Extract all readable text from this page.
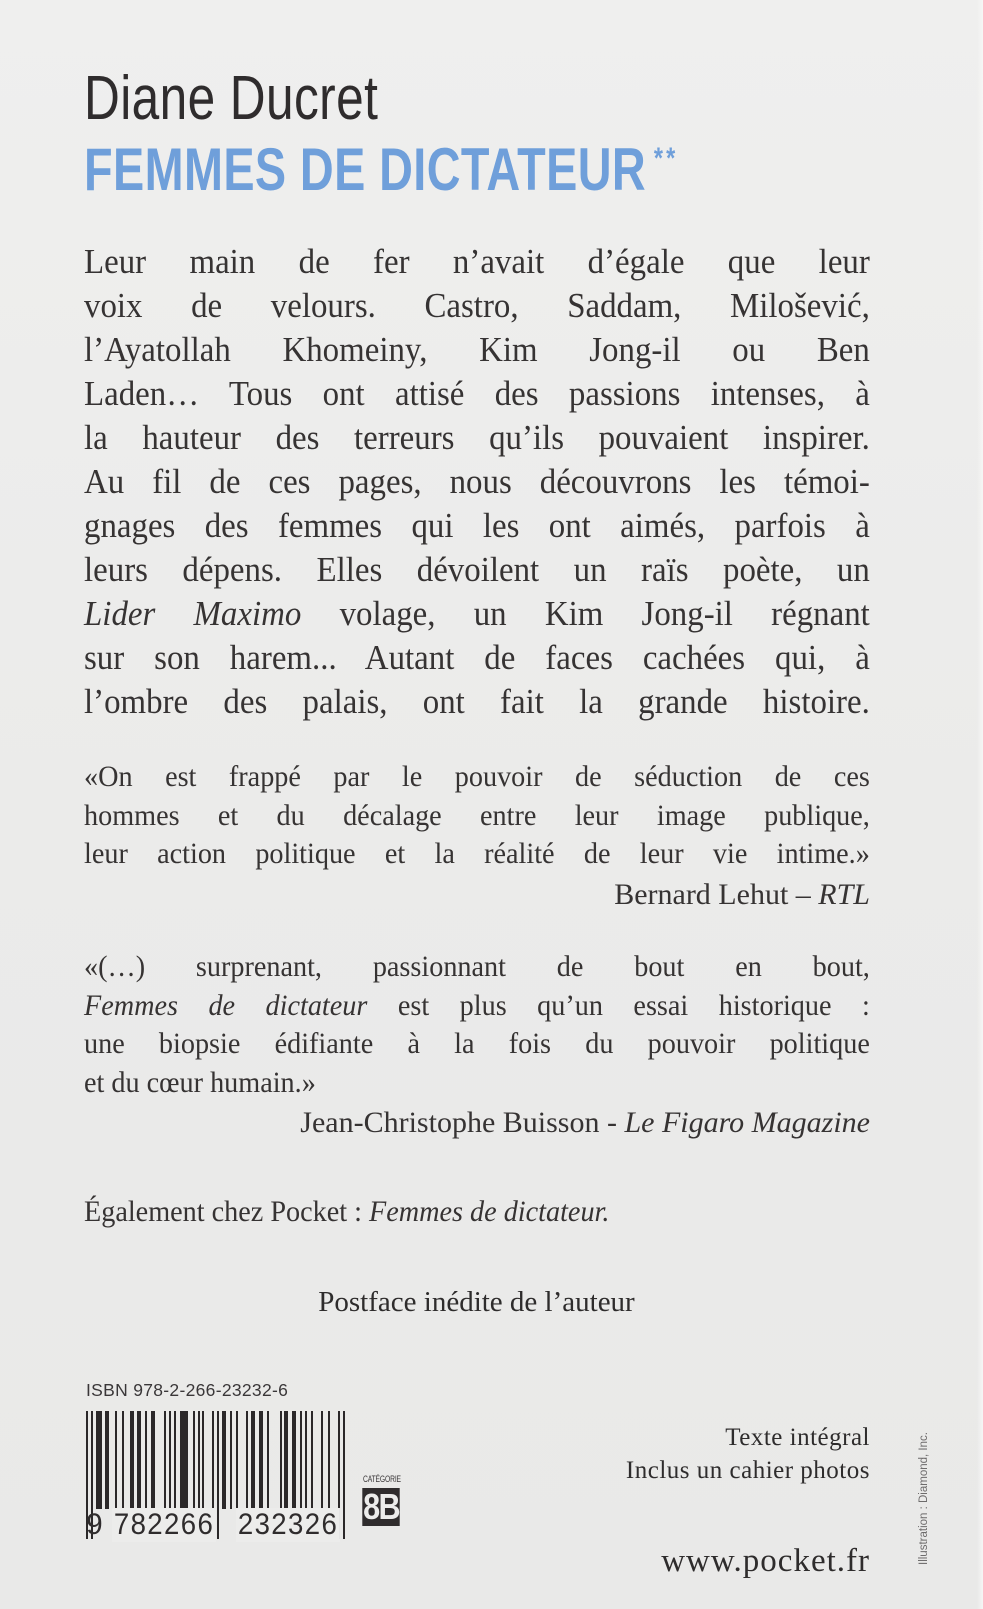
Diane Ducret
FEMMES DE DICTATEUR **
Leur main de fer n’avait d’égale que leur
voix de velours. Castro, Saddam, Milošević,
l’Ayatollah Khomeiny, Kim Jong-il ou Ben
Laden… Tous ont attisé des passions intenses, à
la hauteur des terreurs qu’ils pouvaient inspirer.
Au fil de ces pages, nous découvrons les témoi-
gnages des femmes qui les ont aimés, parfois à
leurs dépens. Elles dévoilent un raïs poète, un
Lider Maximo volage, un Kim Jong-il régnant
sur son harem... Autant de faces cachées qui, à
l’ombre des palais, ont fait la grande histoire.
«On est frappé par le pouvoir de séduction de ces
hommes et du décalage entre leur image publique,
leur action politique et la réalité de leur vie intime.»
Bernard Lehut – RTL
«(…) surprenant, passionnant de bout en bout,
Femmes de dictateur est plus qu’un essai historique :
une biopsie édifiante à la fois du pouvoir politique
et du cœur humain.»
Jean-Christophe Buisson - Le Figaro Magazine
Également chez Pocket : Femmes de dictateur.
Postface inédite de l’auteur
ISBN 978-2-266-23232-6
9 782266 232326
CATÉGORIE
8B
Texte intégral
Inclus un cahier photos
www.pocket.fr	Illustration : Diamond, Inc.
